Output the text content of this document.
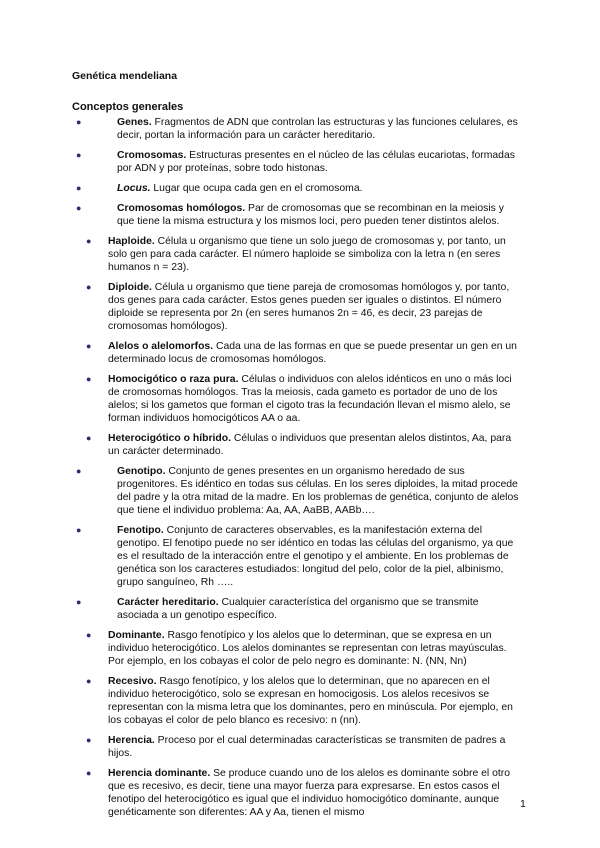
Genética mendeliana
Conceptos generales
●	Genes. Fragmentos de ADN que controlan las estructuras y las funciones celulares, es decir, portan la información para un carácter hereditario.
●	Cromosomas. Estructuras presentes en el núcleo de las células eucariotas, formadas por ADN y por proteínas, sobre todo histonas.
●	Locus. Lugar que ocupa cada gen en el cromosoma.
●	Cromosomas homólogos. Par de cromosomas que se recombinan en la meiosis y que tiene la misma estructura y los mismos loci, pero pueden tener distintos alelos.
● Haploide. Célula u organismo que tiene un solo juego de cromosomas y, por tanto, un solo gen para cada carácter. El número haploide se simboliza con la letra n (en seres humanos n = 23).
● Diploide. Célula u organismo que tiene pareja de cromosomas homólogos y, por tanto, dos genes para cada carácter. Estos genes pueden ser iguales o distintos. El número diploide se representa por 2n (en seres humanos 2n = 46, es decir, 23 parejas de cromosomas homólogos).
● Alelos o alelomorfos. Cada una de las formas en que se puede presentar un gen en un determinado locus de cromosomas homólogos.
● Homocigótico o raza pura. Células o individuos con alelos idénticos en uno o más loci de cromosomas homólogos. Tras la meiosis, cada gameto es portador de uno de los alelos; si los gametos que forman el cigoto tras la fecundación llevan el mismo alelo, se forman individuos homocigóticos AA o aa.
● Heterocigótico o híbrido. Células o individuos que presentan alelos distintos, Aa, para un carácter determinado.
●	Genotipo. Conjunto de genes presentes en un organismo heredado de sus progenitores. Es idéntico en todas sus células. En los seres diploides, la mitad procede del padre y la otra mitad de la madre. En los problemas de genética, conjunto de alelos que tiene el individuo problema: Aa, AA, AaBB, AABb….
●	Fenotipo. Conjunto de caracteres observables, es la manifestación externa del genotipo. El fenotipo puede no ser idéntico en todas las células del organismo, ya que es el resultado de la interacción entre el genotipo y el ambiente. En los problemas de genética son los caracteres estudiados: longitud del pelo, color de la piel, albinismo, grupo sanguíneo, Rh …..
●	Carácter hereditario. Cualquier característica del organismo que se transmite asociada a un genotipo específico.
● Dominante. Rasgo fenotípico y los alelos que lo determinan, que se expresa en un individuo heterocigótico. Los alelos dominantes se representan con letras mayúsculas. Por ejemplo, en los cobayas el color de pelo negro es dominante: N. (NN, Nn)
● Recesivo. Rasgo fenotípico, y los alelos que lo determinan, que no aparecen en el individuo heterocigótico, solo se expresan en homocigosis. Los alelos recesivos se representan con la misma letra que los dominantes, pero en minúscula. Por ejemplo, en los cobayas el color de pelo blanco es recesivo: n (nn).
● Herencia. Proceso por el cual determinadas características se transmiten de padres a hijos.
● Herencia dominante. Se produce cuando uno de los alelos es dominante sobre el otro que es recesivo, es decir, tiene una mayor fuerza para expresarse. En estos casos el fenotipo del heterocigótico es igual que el individuo homocigótico dominante, aunque genéticamente son diferentes: AA y Aa, tienen el mismo
1
